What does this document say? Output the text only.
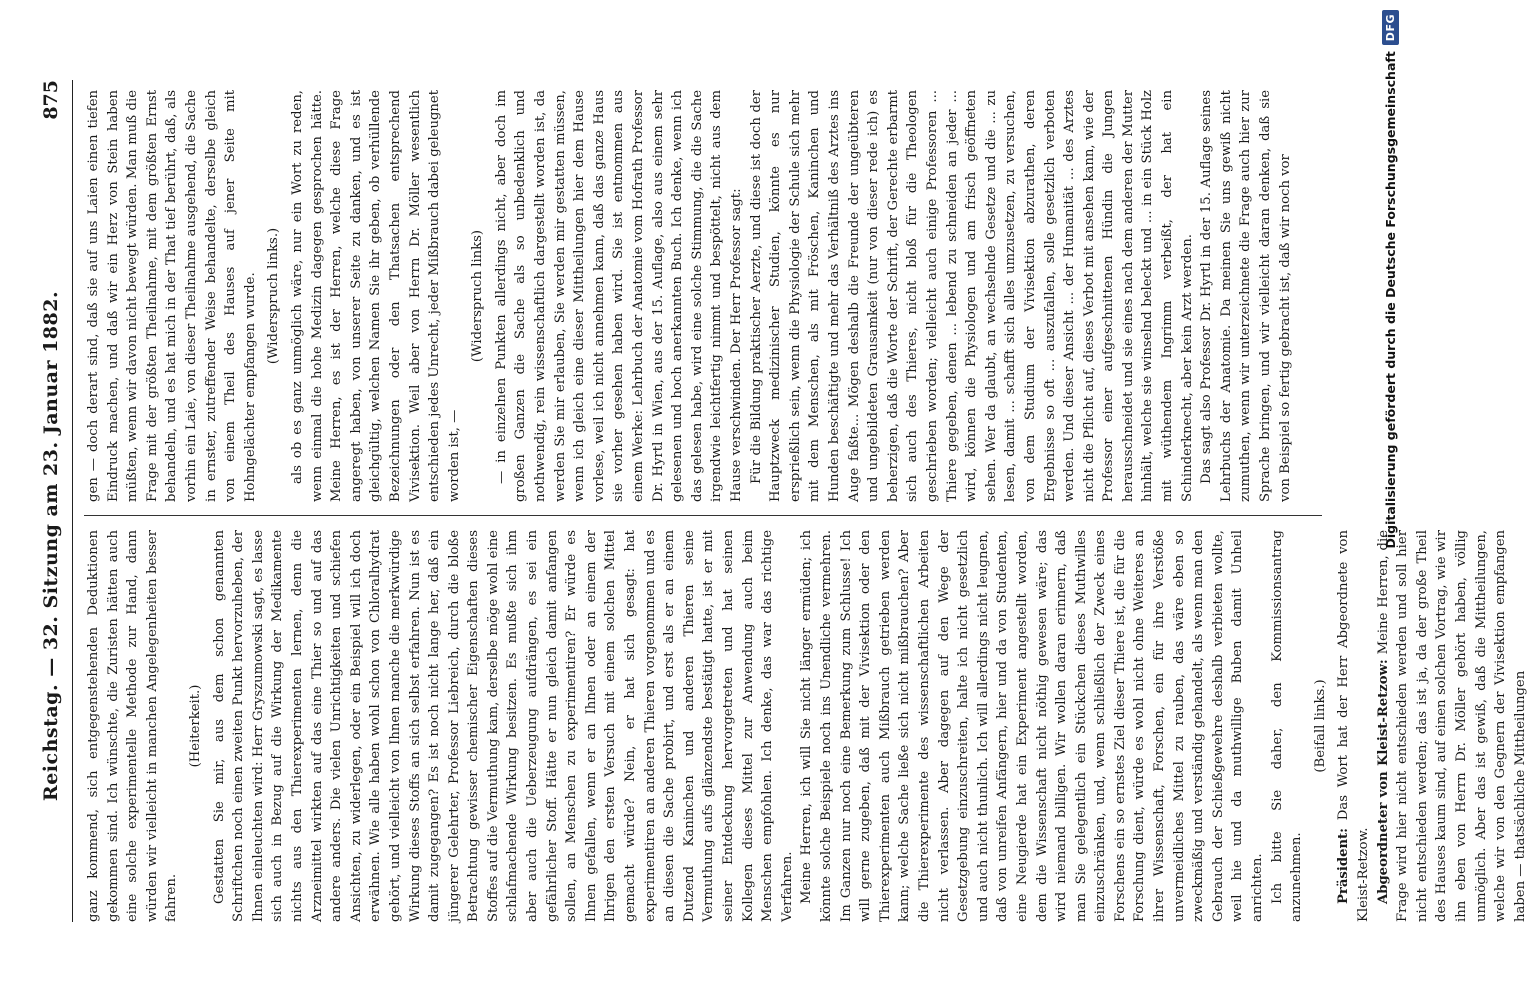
Reichstag. — 32. Sitzung am 23. Januar 1882.
875

ganz kommend, sich entgegenstehenden Deduktionen gekommen sind. Ich wünschte, die Zuristen hätten auch eine solche experimentelle Methode zur Hand, dann würden wir vielleicht in manchen Angelegenheiten besser fahren.

(Heiterkeit.) Gestatten Sie mir, aus dem schon genannten Schriftchen noch einen zweiten Punkt hervorzuheben, der Ihnen einleuchten wird: Herr Gryszumowski sagt, es lasse sich auch in Bezug auf die Wirkung der Medikamente nichts aus den Thierexperimenten lernen, denn die Arzneimittel wirkten auf das eine Thier so und auf das andere anders. Die vielen Unrichtigkeiten und schiefen Ansichten, zu widerlegen, oder ein Beispiel will ich doch erwähnen. Wie alle haben wohl schon von Chloralhydrat gehört, und vielleicht von Ihnen manche die merkwürdige Wirkung dieses Stoffs an sich selbst erfahren. Nun ist es damit zugegangen? Es ist noch nicht lange her, daß ein jüngerer Gelehrter, Professor Liebreich, durch die bloße Betrachtung gewisser chemischer Eigenschaften dieses Stoffes auf die Vermuthung kam, derselbe möge wohl eine schlafmachende Wirkung besitzen. Es mußte sich ihm aber auch die Ueberzeugung aufdrängen, es sei ein gefährlicher Stoff. Hätte er nun gleich damit anfangen sollen, an Menschen zu experimentiren? Er würde es Ihnen gefallen, wenn er an Ihnen oder an einem der Ihrigen den ersten Versuch mit einem solchen Mittel gemacht würde? Nein, er hat sich gesagt: hat experimentiren an anderen Thieren vorgenommen und es an diesen die Sache probirt, und erst als er an einem Dutzend Kaninchen und anderen Thieren seine Vermuthung aufs glänzendste bestätigt hatte, ist er mit seiner Entdeckung hervorgetreten und hat seinen Kollegen dieses Mittel zur Anwendung auch beim Menschen empfohlen. Ich denke, das war das richtige Verfahren. Meine Herren, ich will Sie nicht länger ermüden; ich könnte solche Beispiele noch ins Unendliche vermehren. Im Ganzen nur noch eine Bemerkung zum Schlusse! Ich will gerne zugeben, daß mit der Vivisektion oder den Thierexperimenten auch Mißbrauch getrieben werden kann; welche Sache ließe sich nicht mißbrauchen? Aber die Thierexperimente des wissenschaftlichen Arbeiten nicht verlassen. Aber dagegen auf den Wege der Gesetzgebung einzuschreiten, halte ich nicht gesetzlich und auch nicht thunlich. Ich will allerdings nicht leugnen, daß von unreifen Anfängern, hier und da von Studenten, eine Neugierde hat ein Experiment angestellt worden, dem die Wissenschaft nicht nöthig gewesen wäre; das wird niemand billigen. Wir wollen daran erinnern, daß man Sie gelegentlich ein Stückchen dieses Muthwilles einzuschränken, und, wenn schließlich der Zweck eines Forschens ein so ernstes Ziel dieser Thiere ist, die für die Forschung dient, würde es wohl nicht ohne Weiteres an ihrer Wissenschaft, Forschen, ein für ihre Verstöße unvermeidliches Mittel zu rauben, das wäre eben so zweckmäßig und verständig gehandelt, als wenn man den Gebrauch der Schießgewehre deshalb verbieten wollte, weil hie und da muthwillige Buben damit Unheil anrichten. Ich bitte Sie daher, den Kommissionsantrag anzunehmen.

(Beifall links.)

Präsident: Das Wort hat der Herr Abgeordnete von Kleist-Retzow. Abgeordneter von Kleist-Retzow: Meine Herren, die Frage wird hier nicht entschieden werden und soll hier nicht entschieden werden; das ist ja, da der große Theil des Hauses kaum sind, auf einen solchen Vortrag, wie wir ihn eben von Herrn Dr. Möller gehört haben, völlig unmöglich. Aber das ist gewiß, daß die Mittheilungen, welche wir von den Gegnern der Vivisektion empfangen haben — thatsächliche Mittheilungen

gen — doch derart sind, daß sie auf uns Laien einen tiefen Eindruck machen, und daß wir ein Herz von Stein haben müßten, wenn wir davon nicht bewegt würden. Man muß die Frage mit der größten Theilnahme, mit dem größten Ernst behandeln, und es hat mich in der That tief berührt, daß, als vorhin ein Laie, von dieser Theilnahme ausgehend, die Sache in ernster, zutreffender Weise behandelte, derselbe gleich von einem Theil des Hauses auf jener Seite mit Hohngelächter empfangen wurde. (Widerspruch links.) als ob es ganz unmöglich wäre, nur ein Wort zu reden, wenn einmal die hohe Medizin dagegen gesprochen hätte. Meine Herren, es ist der Herren, welche diese Frage angeregt haben, von unserer Seite zu danken, und es ist gleichgültig, welchen Namen Sie ihr geben, ob verhüllende Bezeichnungen oder den Thatsachen entsprechend Vivisektion. Weil aber von Herrn Dr. Möller wesentlich entschieden jedes Unrecht, jeder Mißbrauch dabei geleugnet worden ist, —

(Widerspruch links) — in einzelnen Punkten allerdings nicht, aber doch im großen Ganzen die Sache als so unbedenklich und nothwendig, rein wissenschaftlich dargestellt worden ist, da werden Sie mir erlauben, Sie werden mir gestatten müssen, wenn ich gleich eine dieser Mittheilungen hier dem Hause vorlese, weil ich nicht annehmen kann, daß das ganze Haus sie vorher gesehen haben wird. Sie ist entnommen aus einem Werke: Lehrbuch der Anatomie vom Hofrath Professor Dr. Hyrtl in Wien, aus der 15. Auflage, also aus einem sehr gelesenen und hoch anerkannten Buch. Ich denke, wenn ich das gelesen habe, wird eine solche Stimmung, die die Sache irgendwie leichtfertig nimmt und bespöttelt, nicht aus dem Hause verschwinden. Der Herr Professor sagt: Für die Bildung praktischer Aerzte, und diese ist doch der Hauptzweck medizinischer Studien, könnte es nur ersprießlich sein, wenn die Physiologie der Schule sich mehr mit dem Menschen, als mit Fröschen, Kaninchen und Hunden beschäftigte und mehr das Verhältniß des Arztes ins Auge faßte... Mögen deshalb die Freunde der ungeübteren und ungebildeten Grausamkeit (nur von dieser rede ich) es beherzigen, daß die Worte der Schrift, der Gerechte erbarmt sich auch des Thieres, nicht bloß für die Theologen geschrieben worden; vielleicht auch einige Professoren ... Thiere gegeben, denen ... lebend zu schneiden an jeder ... wird, können die Physiologen und am frisch geöffneten sehen. Wer da glaubt, an wechselnde Gesetze und die ... zu lesen, damit ... schafft sich alles umzusetzen, zu versuchen, von dem Studium der Vivisektion abzurathen, deren Ergebnisse so oft ... auszufallen, solle gesetzlich verboten werden. Und dieser Ansicht ... der Humanität ... des Arztes nicht die Pflicht auf, dieses Verbot mit ansehen kann, wie der Professor einer aufgeschnittenen Hündin die Jungen herausschneidet und sie eines nach dem anderen der Mutter hinhält, welche sie winselnd beleckt und ... in ein Stück Holz mit wüthendem Ingrimm verbeißt, der hat ein Schinderknecht, aber kein Arzt werden. Das sagt also Professor Dr. Hyrtl in der 15. Auflage seines Lehrbuchs der Anatomie. Da meinen Sie uns gewiß nicht zumuthen, wenn wir unterzeichnete die Frage auch hier zur Sprache bringen, und wir vielleicht daran denken, daß sie von Beispiel so fertig gebracht ist, daß wir noch vor	Digitalisierung gefördert durch die Deutsche Forschungsgemeinschaft
DFG
